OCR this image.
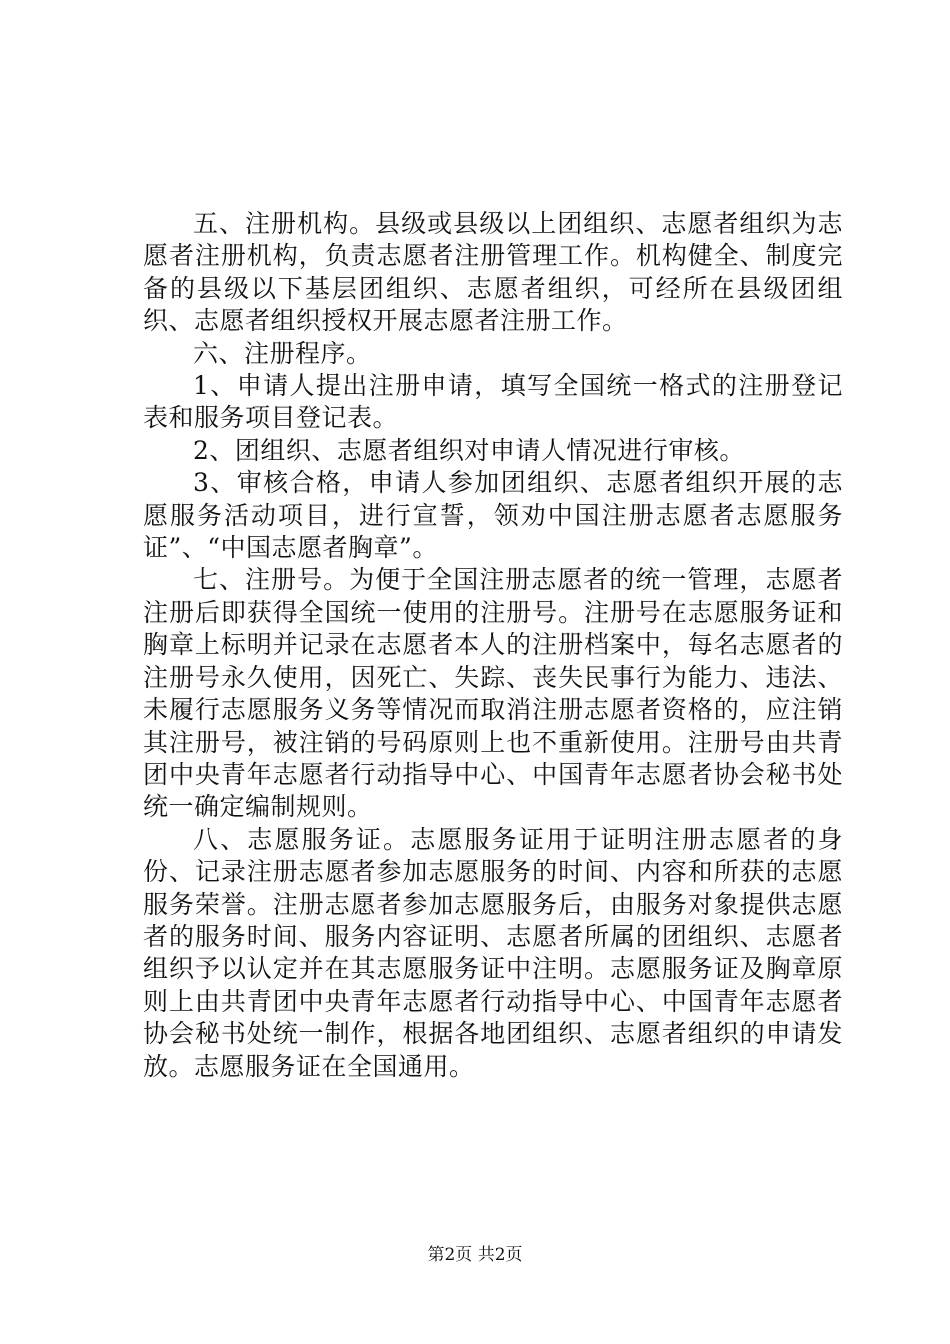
五、注册机构。县级或县级以上团组织、志愿者组织为志愿者注册机构，负责志愿者注册管理工作。机构健全、制度完备的县级以下基层团组织、志愿者组织，可经所在县级团组织、志愿者组织授权开展志愿者注册工作。

六、注册程序。

1、申请人提出注册申请，填写全国统一格式的注册登记表和服务项目登记表。

2、团组织、志愿者组织对申请人情况进行审核。

3、审核合格，申请人参加团组织、志愿者组织开展的志愿服务活动项目，进行宣誓，领劝中国注册志愿者志愿服务证”、“中国志愿者胸章”。

七、注册号。为便于全国注册志愿者的统一管理，志愿者注册后即获得全国统一使用的注册号。注册号在志愿服务证和胸章上标明并记录在志愿者本人的注册档案中，每名志愿者的注册号永久使用，因死亡、失踪、丧失民事行为能力、违法、未履行志愿服务义务等情况而取消注册志愿者资格的，应注销其注册号，被注销的号码原则上也不重新使用。注册号由共青团中央青年志愿者行动指导中心、中国青年志愿者协会秘书处统一确定编制规则。

八、志愿服务证。志愿服务证用于证明注册志愿者的身份、记录注册志愿者参加志愿服务的时间、内容和所获的志愿服务荣誉。注册志愿者参加志愿服务后，由服务对象提供志愿者的服务时间、服务内容证明、志愿者所属的团组织、志愿者组织予以认定并在其志愿服务证中注明。志愿服务证及胸章原则上由共青团中央青年志愿者行动指导中心、中国青年志愿者协会秘书处统一制作，根据各地团组织、志愿者组织的申请发放。志愿服务证在全国通用。

第2页 共2页
